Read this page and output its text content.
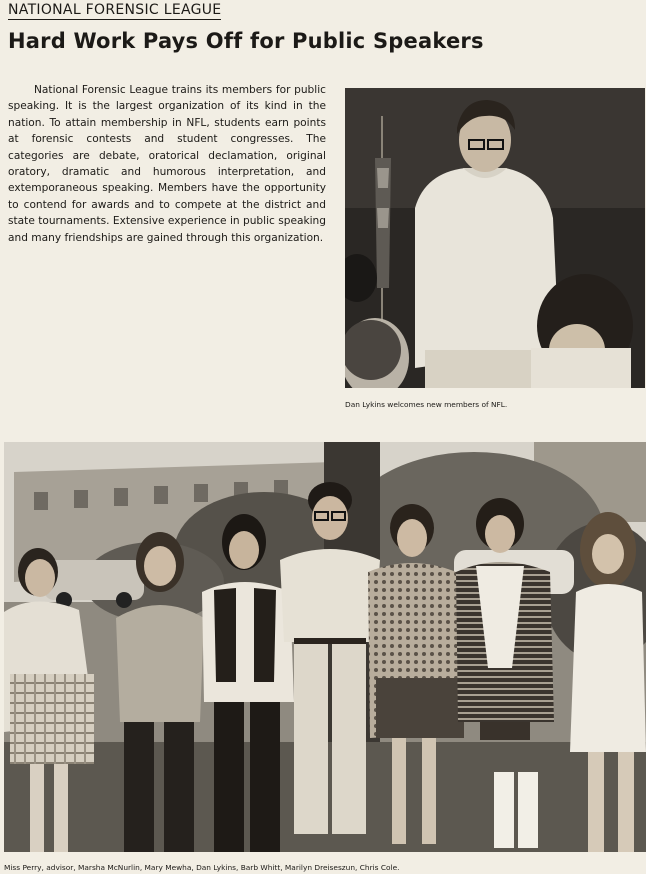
NATIONAL FORENSIC LEAGUE
Hard Work Pays Off for Public Speakers
National Forensic League trains its members for public speaking. It is the largest organization of its kind in the nation. To attain membership in NFL, students earn points at forensic contests and student congresses. The categories are debate, oratorical declamation, original oratory, dramatic and humorous interpretation, and extemporaneous speaking. Members have the opportunity to contend for awards and to compete at the district and state tournaments. Extensive experience in public speaking and many friendships are gained through this organization.
Dan Lykins welcomes new members of NFL.
Miss Perry, advisor, Marsha McNurlin, Mary Mewha, Dan Lykins, Barb Whitt, Marilyn Dreiseszun, Chris Cole.
